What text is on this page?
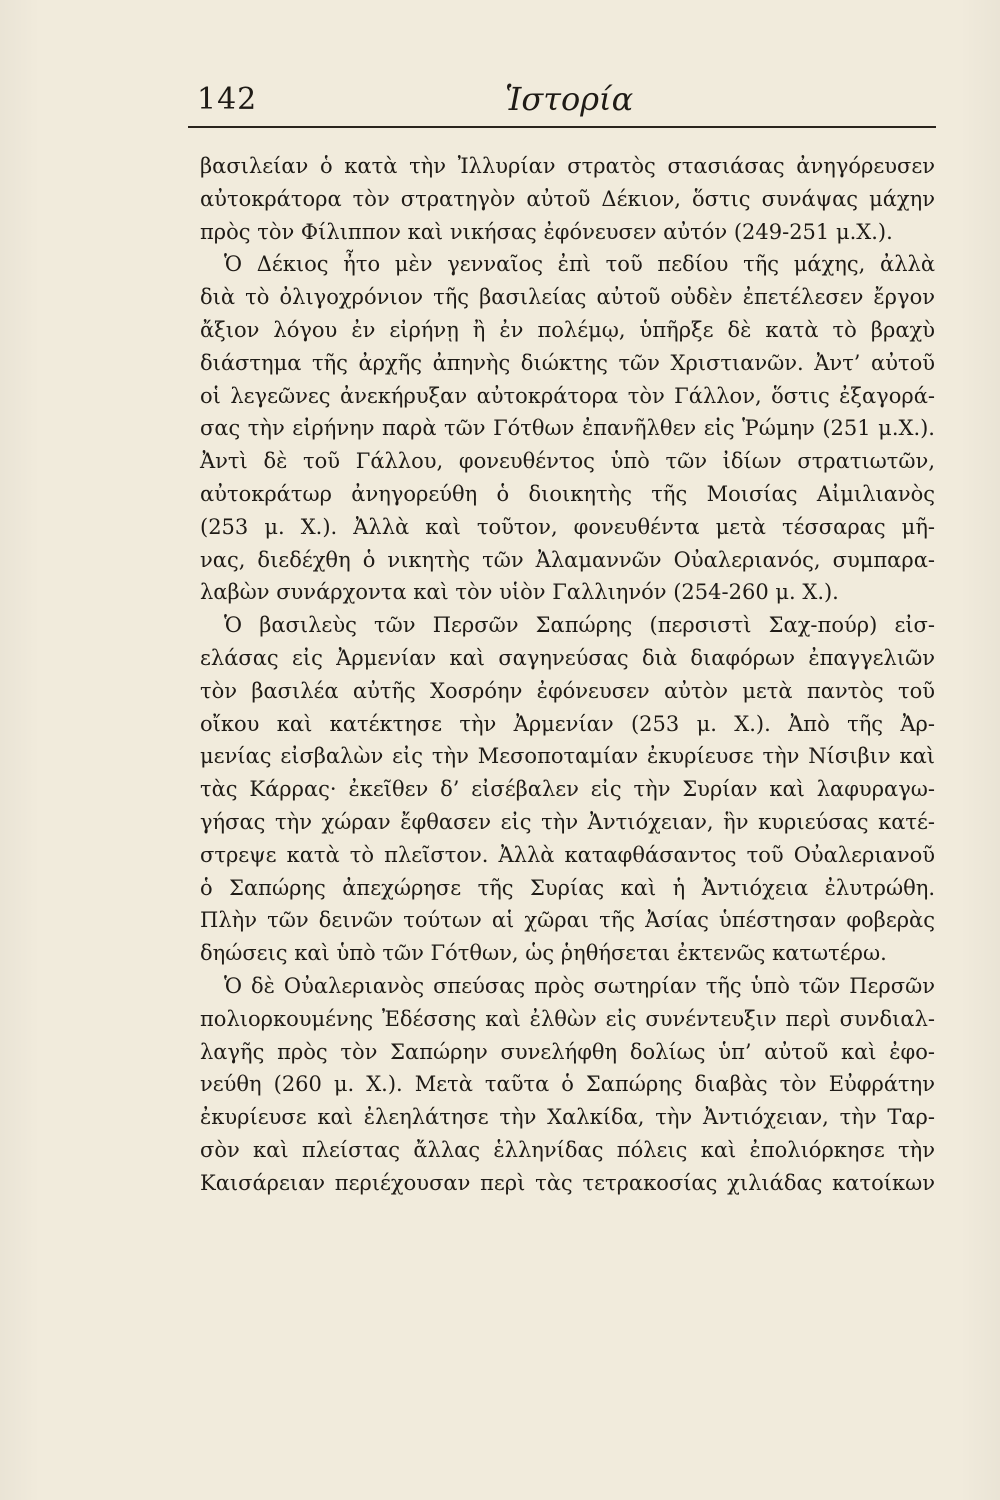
142	Ἱστορία
βασιλείαν ὁ κατὰ τὴν Ἰλλυρίαν στρατὸς στασιάσας ἀνηγόρευσεν
αὐτοκράτορα τὸν στρατηγὸν αὐτοῦ Δέκιον, ὅστις συνάψας μάχην
πρὸς τὸν Φίλιππον καὶ νικήσας ἐφόνευσεν αὐτόν (249-251 μ.Χ.).
Ὁ Δέκιος ἦτο μὲν γενναῖος ἐπὶ τοῦ πεδίου τῆς μάχης, ἀλλὰ
διὰ τὸ ὀλιγοχρόνιον τῆς βασιλείας αὐτοῦ οὐδὲν ἐπετέλεσεν ἔργον
ἄξιον λόγου ἐν εἰρήνῃ ἢ ἐν πολέμῳ, ὑπῆρξε δὲ κατὰ τὸ βραχὺ
διάστημα τῆς ἀρχῆς ἀπηνὴς διώκτης τῶν Χριστιανῶν. Ἀντ’ αὐτοῦ
οἱ λεγεῶνες ἀνεκήρυξαν αὐτοκράτορα τὸν Γάλλον, ὅστις ἐξαγορά-
σας τὴν εἰρήνην παρὰ τῶν Γότθων ἐπανῆλθεν εἰς Ῥώμην (251 μ.Χ.).
Ἀντὶ δὲ τοῦ Γάλλου, φονευθέντος ὑπὸ τῶν ἰδίων στρατιωτῶν,
αὐτοκράτωρ ἀνηγορεύθη ὁ διοικητὴς τῆς Μοισίας Αἰμιλιανὸς
(253 μ. Χ.). Ἀλλὰ καὶ τοῦτον, φονευθέντα μετὰ τέσσαρας μῆ-
νας, διεδέχθη ὁ νικητὴς τῶν Ἀλαμαννῶν Οὐαλεριανός, συμπαρα-
λαβὼν συνάρχοντα καὶ τὸν υἱὸν Γαλλιηνόν (254-260 μ. Χ.).
Ὁ βασιλεὺς τῶν Περσῶν Σαπώρης (περσιστὶ Σαχ-πούρ) εἰσ-
ελάσας εἰς Ἀρμενίαν καὶ σαγηνεύσας διὰ διαφόρων ἐπαγγελιῶν
τὸν βασιλέα αὐτῆς Χοσρόην ἐφόνευσεν αὐτὸν μετὰ παντὸς τοῦ
οἴκου καὶ κατέκτησε τὴν Ἀρμενίαν (253 μ. Χ.). Ἀπὸ τῆς Ἀρ-
μενίας εἰσβαλὼν εἰς τὴν Μεσοποταμίαν ἐκυρίευσε τὴν Νίσιβιν καὶ
τὰς Κάρρας· ἐκεῖθεν δ’ εἰσέβαλεν εἰς τὴν Συρίαν καὶ λαφυραγω-
γήσας τὴν χώραν ἔφθασεν εἰς τὴν Ἀντιόχειαν, ἣν κυριεύσας κατέ-
στρεψε κατὰ τὸ πλεῖστον. Ἀλλὰ καταφθάσαντος τοῦ Οὐαλεριανοῦ
ὁ Σαπώρης ἀπεχώρησε τῆς Συρίας καὶ ἡ Ἀντιόχεια ἐλυτρώθη.
Πλὴν τῶν δεινῶν τούτων αἱ χῶραι τῆς Ἀσίας ὑπέστησαν φοβερὰς
δηώσεις καὶ ὑπὸ τῶν Γότθων, ὡς ῥηθήσεται ἐκτενῶς κατωτέρω.
Ὁ δὲ Οὐαλεριανὸς σπεύσας πρὸς σωτηρίαν τῆς ὑπὸ τῶν Περσῶν
πολιορκουμένης Ἐδέσσης καὶ ἐλθὼν εἰς συνέντευξιν περὶ συνδιαλ-
λαγῆς πρὸς τὸν Σαπώρην συνελήφθη δολίως ὑπ’ αὐτοῦ καὶ ἐφο-
νεύθη (260 μ. Χ.). Μετὰ ταῦτα ὁ Σαπώρης διαβὰς τὸν Εὐφράτην
ἐκυρίευσε καὶ ἐλεηλάτησε τὴν Χαλκίδα, τὴν Ἀντιόχειαν, τὴν Ταρ-
σὸν καὶ πλείστας ἄλλας ἑλληνίδας πόλεις καὶ ἐπολιόρκησε τὴν
Καισάρειαν περιέχουσαν περὶ τὰς τετρακοσίας χιλιάδας κατοίκων
